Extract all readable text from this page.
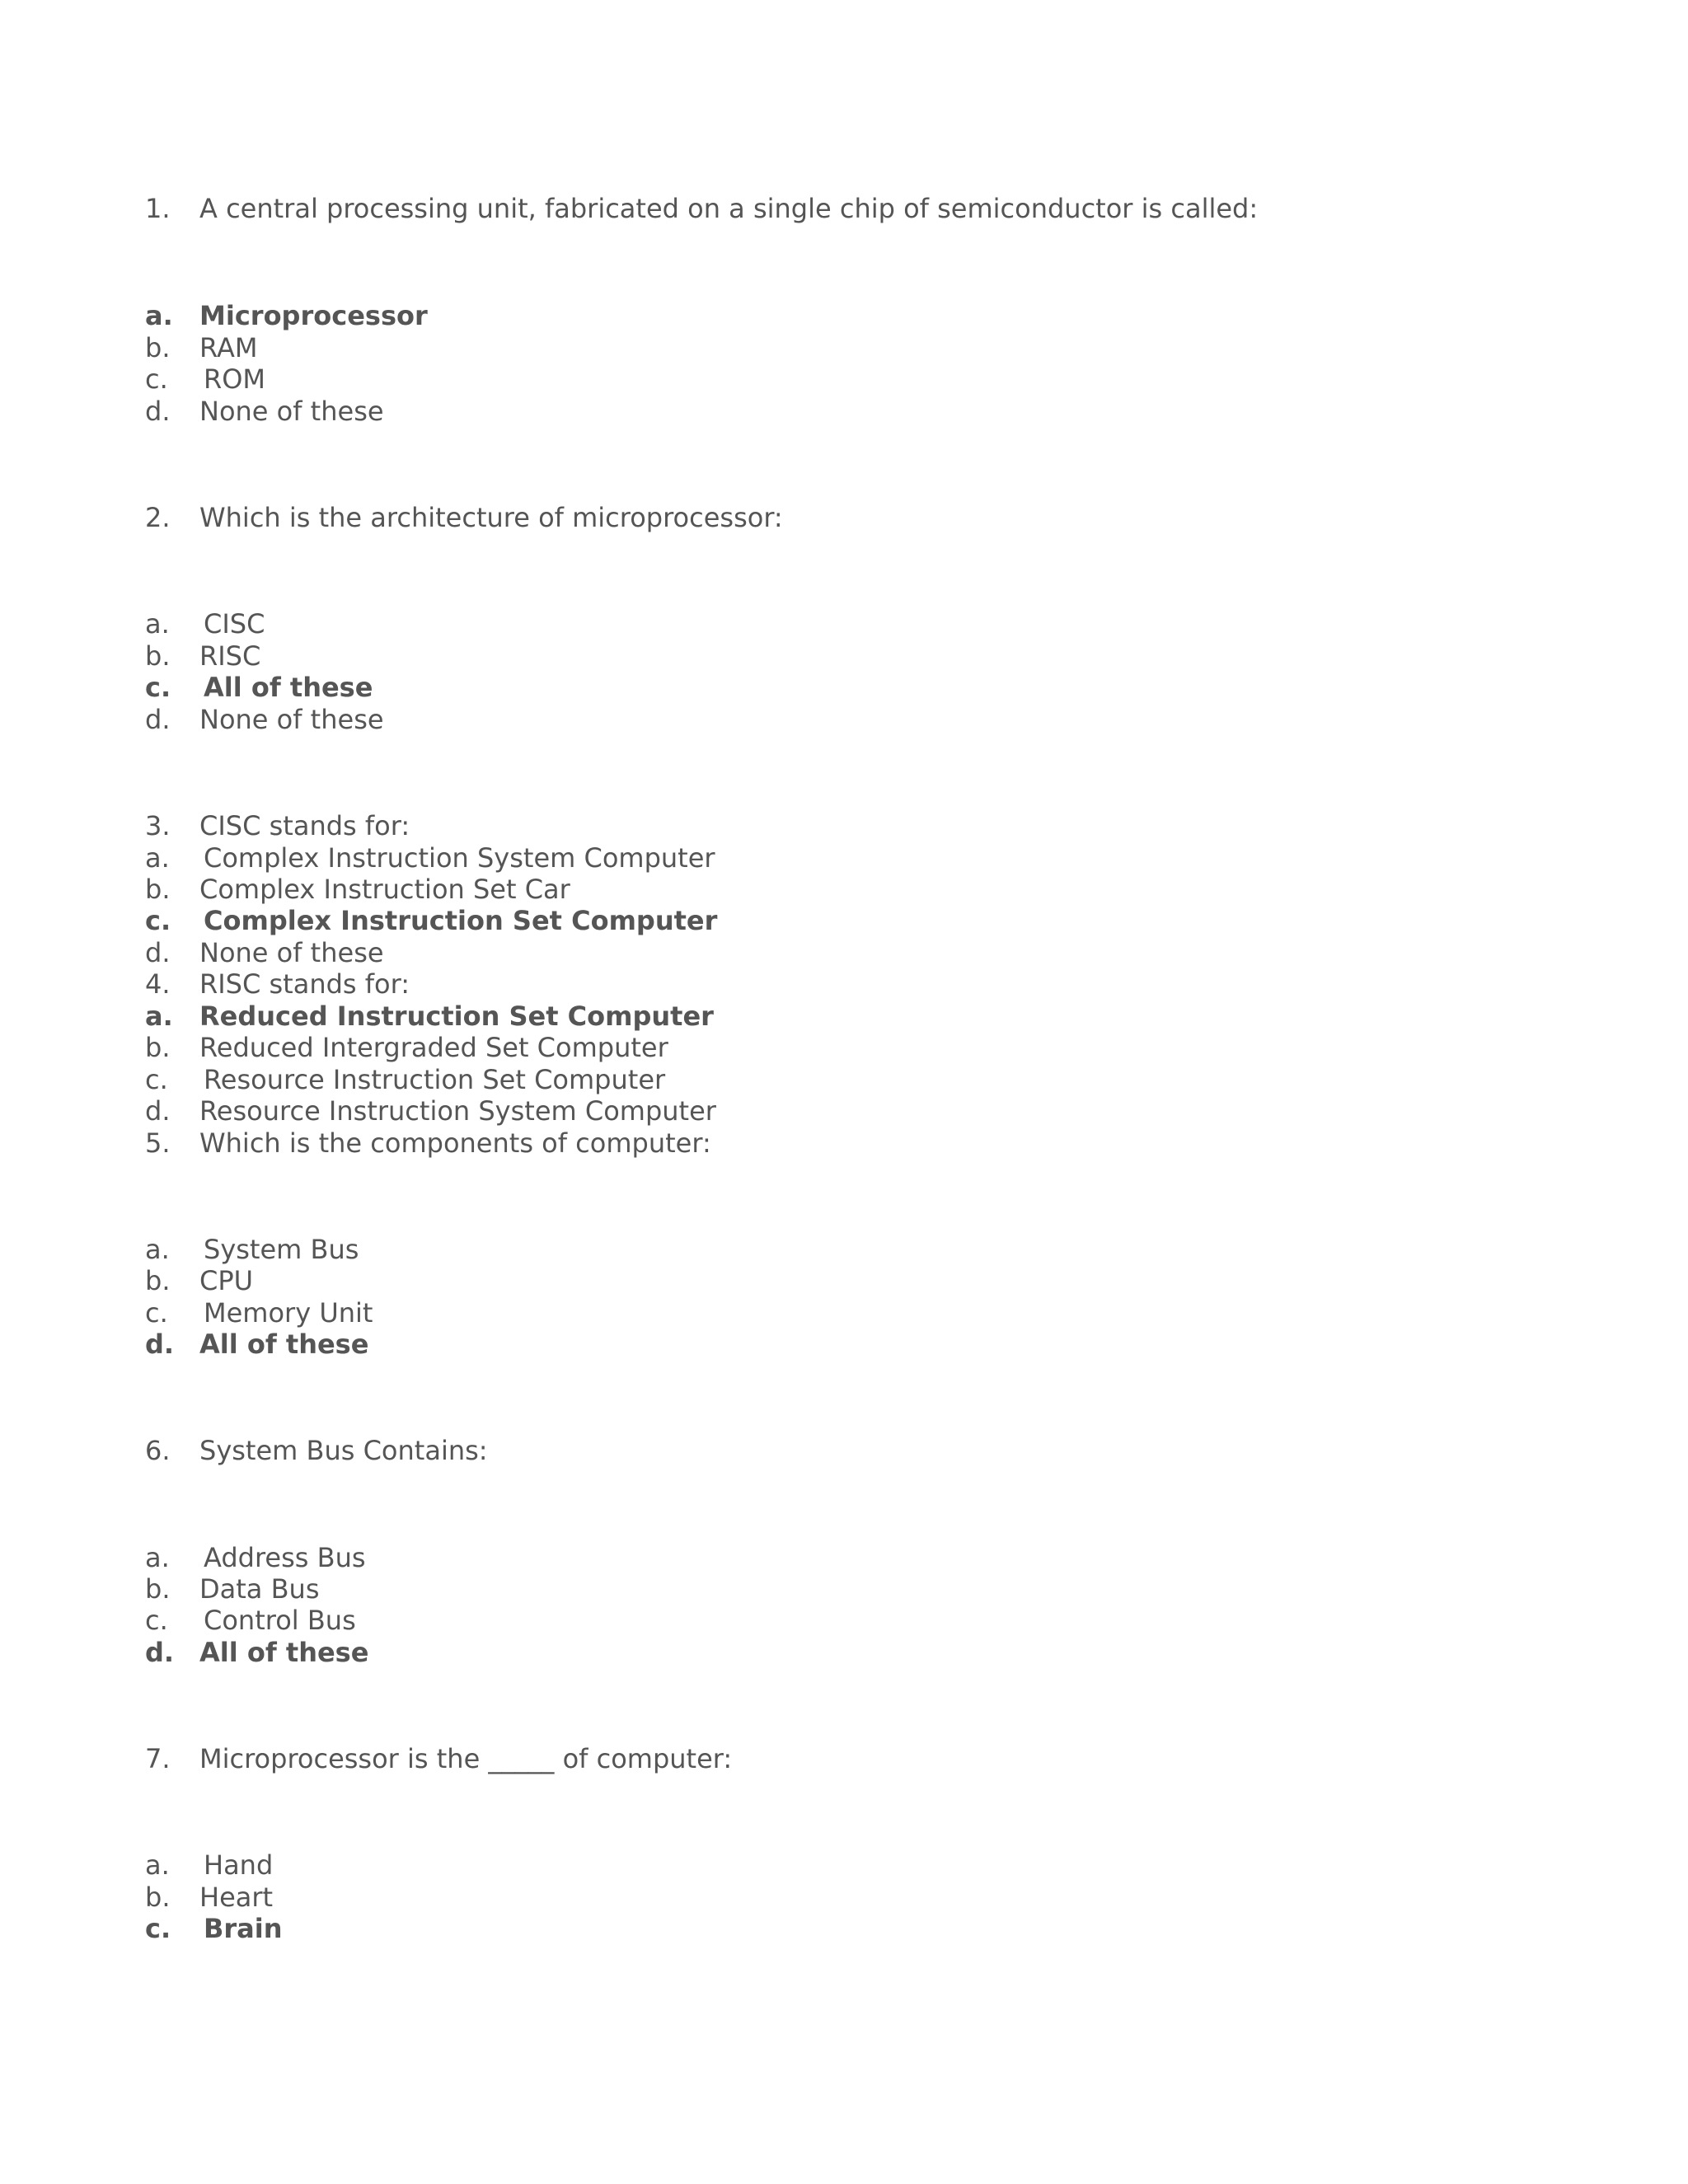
1.	A central processing unit, fabricated on a single chip of semiconductor is called:
a.	Microprocessor
b.	RAM
c.	ROM
d.	None of these
2.	Which is the architecture of microprocessor:
a.	CISC
b.	RISC
c.	All of these
d.	None of these
3.	CISC stands for:
a.	Complex Instruction System Computer
b.	Complex Instruction Set Car
c.	Complex Instruction Set Computer
d.	None of these
4.	RISC stands for:
a.	Reduced Instruction Set Computer
b.	Reduced Intergraded Set Computer
c.	Resource Instruction Set Computer
d.	Resource Instruction System Computer
5.	Which is the components of computer:
a.	System Bus
b.	CPU
c.	Memory Unit
d. All of these
6.	System Bus Contains:
a.	Address Bus
b.	Data Bus
c.	Control Bus
d. All of these
7.	Microprocessor is the _____ of computer:
a.	Hand
b.	Heart
c.	Brain
